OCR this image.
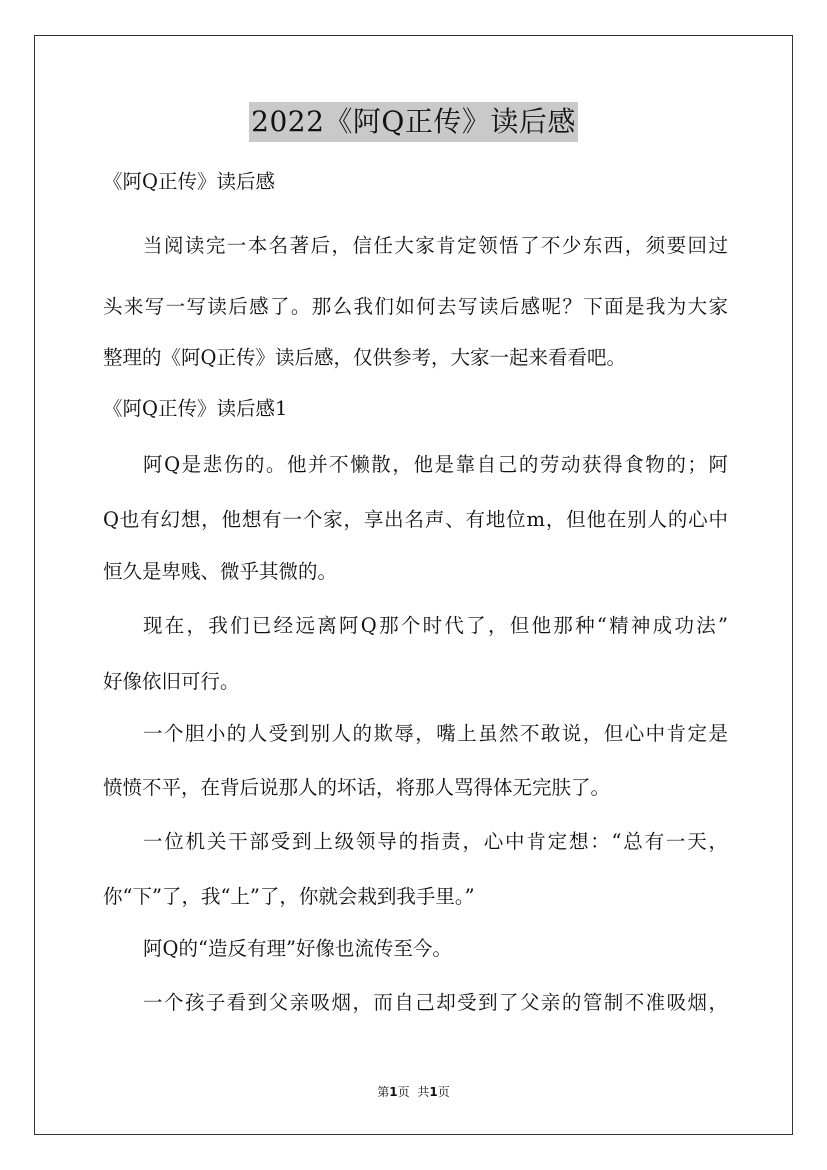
2022《阿Q正传》读后感
《阿Q正传》读后感
当阅读完一本名著后，信任大家肯定领悟了不少东西，须要回过
头来写一写读后感了。那么我们如何去写读后感呢？下面是我为大家
整理的《阿Q正传》读后感，仅供参考，大家一起来看看吧。
《阿Q正传》读后感1
阿Q是悲伤的。他并不懒散，他是靠自己的劳动获得食物的；阿
Q也有幻想，他想有一个家，享出名声、有地位m，但他在别人的心中
恒久是卑贱、微乎其微的。
现在，我们已经远离阿Q那个时代了，但他那种“精神成功法”
好像依旧可行。
一个胆小的人受到别人的欺辱，嘴上虽然不敢说，但心中肯定是
愤愤不平，在背后说那人的坏话，将那人骂得体无完肤了。
一位机关干部受到上级领导的指责，心中肯定想：“总有一天，
你“下”了，我“上”了，你就会栽到我手里。”
阿Q的“造反有理”好像也流传至今。
一个孩子看到父亲吸烟，而自己却受到了父亲的管制不准吸烟，
第1页 共1页
